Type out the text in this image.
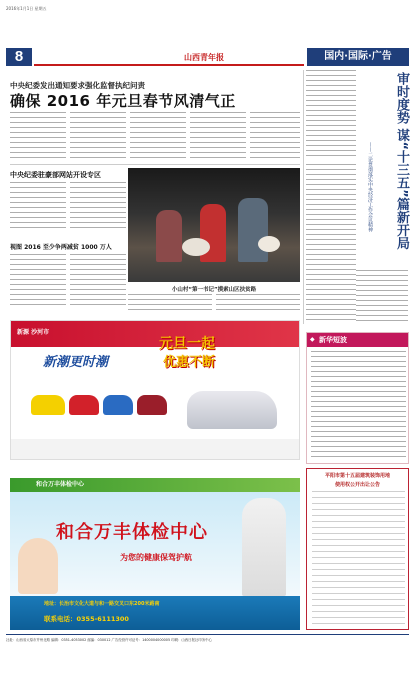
2016年1月1日 星期五
8	山西青年报	国内·国际·广告
中央纪委发出通知要求强化监督执纪问责
确保 2016 年元旦春节风清气正
中央纪委驻豪部网站开设专区
视图 2016 至少争两减贫 1000 万人
小山村“第一书记”摸索山区扶贫路
审时度势 谋“十三五”篇新开局
——二论贯彻落实中央经济工作会议精神
新源 沙河市
新潮更时潮
元旦一起
优惠不断
◆ 新华短波
和合万丰体检中心
和合万丰体检中心
为您的健康保驾护航
地址：长治市文化大道与和一路交叉口东200米路南
联系电话：0355-6111300
平阳市第十五届建筑装饰用地
使用权公开出让公告
社址：山西省太原市并州北路 编辑：0351-4053002 邮编：030012 广告经营许可证号：1400004000005 印刷：山西日报社印务中心
